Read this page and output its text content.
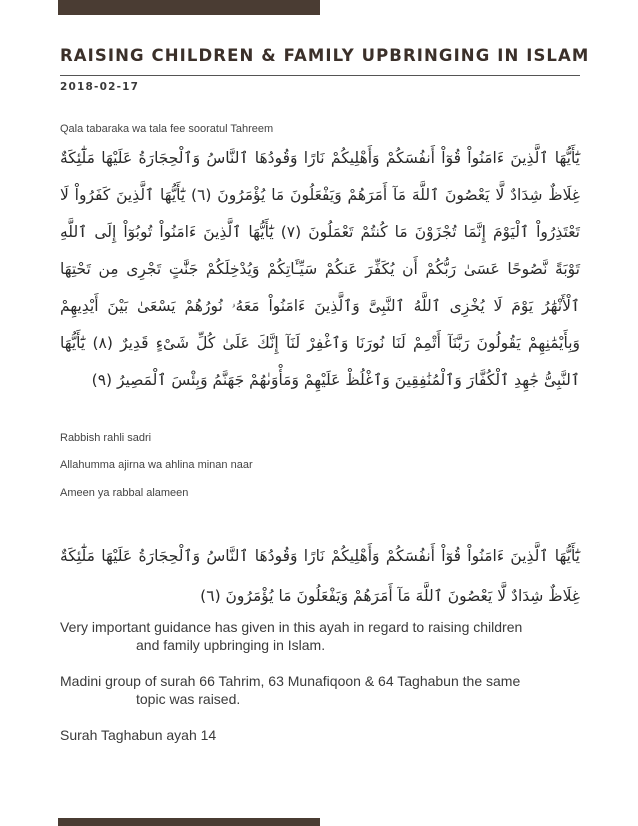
RAISING CHILDREN & FAMILY UPBRINGING IN ISLAM

2018-02-17

Qala tabaraka wa tala fee sooratul Tahreem

يَٰٓأَيُّهَا ٱلَّذِينَ ءَامَنُواْ قُوٓاْ أَنفُسَكُمْ وَأَهْلِيكُمْ نَارًا وَقُودُهَا ٱلنَّاسُ وَٱلْحِجَارَةُ عَلَيْهَا مَلَٰٓئِكَةٌ غِلَاظٌ شِدَادٌ لَّا يَعْصُونَ ٱللَّهَ مَآ أَمَرَهُمْ وَيَفْعَلُونَ مَا يُؤْمَرُونَ (٦) يَٰٓأَيُّهَا ٱلَّذِينَ كَفَرُواْ لَا تَعْتَذِرُواْ ٱلْيَوْمَ إِنَّمَا تُجْزَوْنَ مَا كُنتُمْ تَعْمَلُونَ (٧) يَٰٓأَيُّهَا ٱلَّذِينَ ءَامَنُواْ تُوبُوٓاْ إِلَى ٱللَّهِ تَوْبَةً نَّصُوحًا عَسَىٰ رَبُّكُمْ أَن يُكَفِّرَ عَنكُمْ سَيِّـَٔاتِكُمْ وَيُدْخِلَكُمْ جَنَّٰتٍ تَجْرِى مِن تَحْتِهَا ٱلْأَنْهَٰرُ يَوْمَ لَا يُخْزِى ٱللَّهُ ٱلنَّبِىَّ وَٱلَّذِينَ ءَامَنُواْ مَعَهُۥ نُورُهُمْ يَسْعَىٰ بَيْنَ أَيْدِيهِمْ وَبِأَيْمَٰنِهِمْ يَقُولُونَ رَبَّنَآ أَتْمِمْ لَنَا نُورَنَا وَٱغْفِرْ لَنَآ إِنَّكَ عَلَىٰ كُلِّ شَىْءٍ قَدِيرٌ (٨) يَٰٓأَيُّهَا ٱلنَّبِىُّ جَٰهِدِ ٱلْكُفَّارَ وَٱلْمُنَٰفِقِينَ وَٱغْلُظْ عَلَيْهِمْ وَمَأْوَىٰهُمْ جَهَنَّمُ وَبِئْسَ ٱلْمَصِيرُ (٩)

Rabbish rahli sadri

Allahumma ajirna wa ahlina minan naar

Ameen ya rabbal alameen

يَٰٓأَيُّهَا ٱلَّذِينَ ءَامَنُواْ قُوٓاْ أَنفُسَكُمْ وَأَهْلِيكُمْ نَارًا وَقُودُهَا ٱلنَّاسُ وَٱلْحِجَارَةُ عَلَيْهَا مَلَٰٓئِكَةٌ غِلَاظٌ شِدَادٌ لَّا يَعْصُونَ ٱللَّهَ مَآ أَمَرَهُمْ وَيَفْعَلُونَ مَا يُؤْمَرُونَ (٦)

Very important guidance has given in this ayah in regard to raising children
and family upbringing in Islam.

Madini group of surah 66 Tahrim, 63 Munafiqoon & 64 Taghabun the same
topic was raised.

Surah Taghabun ayah 14
